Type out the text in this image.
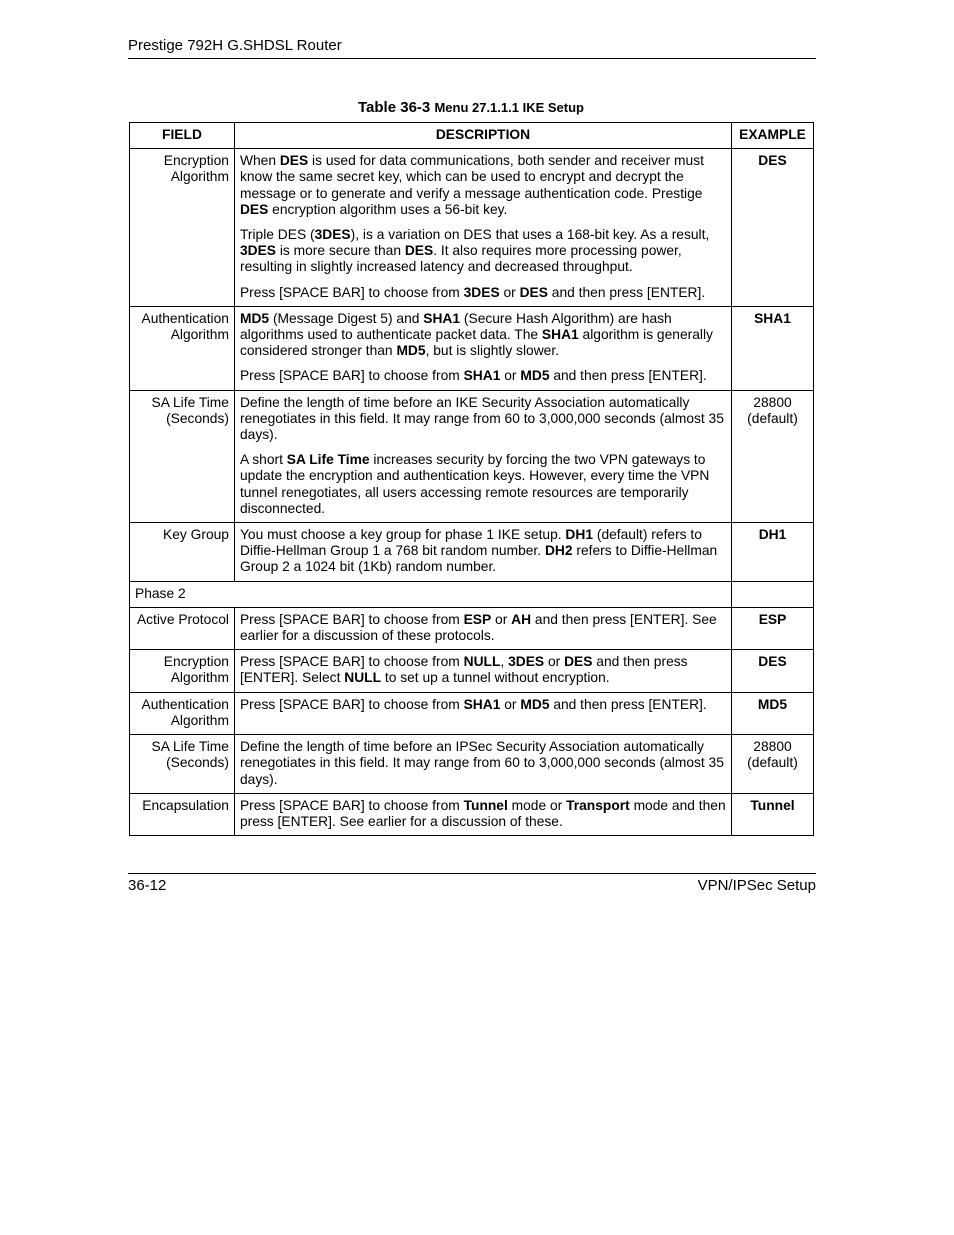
Prestige 792H G.SHDSL Router
Table 36-3 Menu 27.1.1.1 IKE Setup
FIELD	DESCRIPTION	EXAMPLE
Encryption Algorithm	When DES is used for data communications, both sender and receiver must know the same secret key, which can be used to encrypt and decrypt the message or to generate and verify a message authentication code. Prestige DES encryption algorithm uses a 56-bit key.

Triple DES (3DES), is a variation on DES that uses a 168-bit key. As a result, 3DES is more secure than DES. It also requires more processing power, resulting in slightly increased latency and decreased throughput.

Press [SPACE BAR] to choose from 3DES or DES and then press [ENTER].	DES
Authentication Algorithm	MD5 (Message Digest 5) and SHA1 (Secure Hash Algorithm) are hash algorithms used to authenticate packet data. The SHA1 algorithm is generally considered stronger than MD5, but is slightly slower.

Press [SPACE BAR] to choose from SHA1 or MD5 and then press [ENTER].	SHA1
SA Life Time (Seconds)	Define the length of time before an IKE Security Association automatically renegotiates in this field. It may range from 60 to 3,000,000 seconds (almost 35 days).

A short SA Life Time increases security by forcing the two VPN gateways to update the encryption and authentication keys. However, every time the VPN tunnel renegotiates, all users accessing remote resources are temporarily disconnected.	28800 (default)
Key Group	You must choose a key group for phase 1 IKE setup. DH1 (default) refers to Diffie-Hellman Group 1 a 768 bit random number. DH2 refers to Diffie-Hellman Group 2 a 1024 bit (1Kb) random number.	DH1
Phase 2		
Active Protocol	Press [SPACE BAR] to choose from ESP or AH and then press [ENTER]. See earlier for a discussion of these protocols.	ESP
Encryption Algorithm	Press [SPACE BAR] to choose from NULL, 3DES or DES and then press [ENTER]. Select NULL to set up a tunnel without encryption.	DES
Authentication Algorithm	Press [SPACE BAR] to choose from SHA1 or MD5 and then press [ENTER].	MD5
SA Life Time (Seconds)	Define the length of time before an IPSec Security Association automatically renegotiates in this field. It may range from 60 to 3,000,000 seconds (almost 35 days).	28800 (default)
Encapsulation	Press [SPACE BAR] to choose from Tunnel mode or Transport mode and then press [ENTER]. See earlier for a discussion of these.	Tunnel
36-12	VPN/IPSec Setup
